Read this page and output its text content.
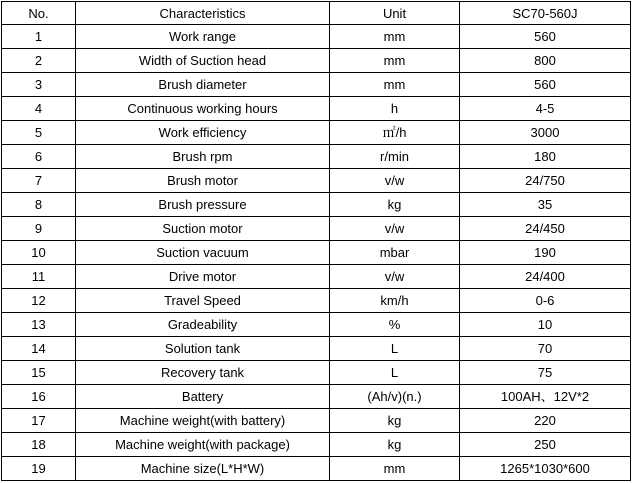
No.	Characteristics	Unit	SC70-560J
1	Work range	mm	560
2	Width of Suction head	mm	800
3	Brush diameter	mm	560
4	Continuous working hours	h	4-5
5	Work efficiency	㎡/h	3000
6	Brush rpm	r/min	180
7	Brush motor	v/w	24/750
8	Brush pressure	kg	35
9	Suction motor	v/w	24/450
10	Suction vacuum	mbar	190
11	Drive motor	v/w	24/400
12	Travel Speed	km/h	0-6
13	Gradeability	%	10
14	Solution tank	L	70
15	Recovery tank	L	75
16	Battery	(Ah/v)(n.)	100AH、12V*2
17	Machine weight(with battery)	kg	220
18	Machine weight(with package)	kg	250
19	Machine size(L*H*W)	mm	1265*1030*600
